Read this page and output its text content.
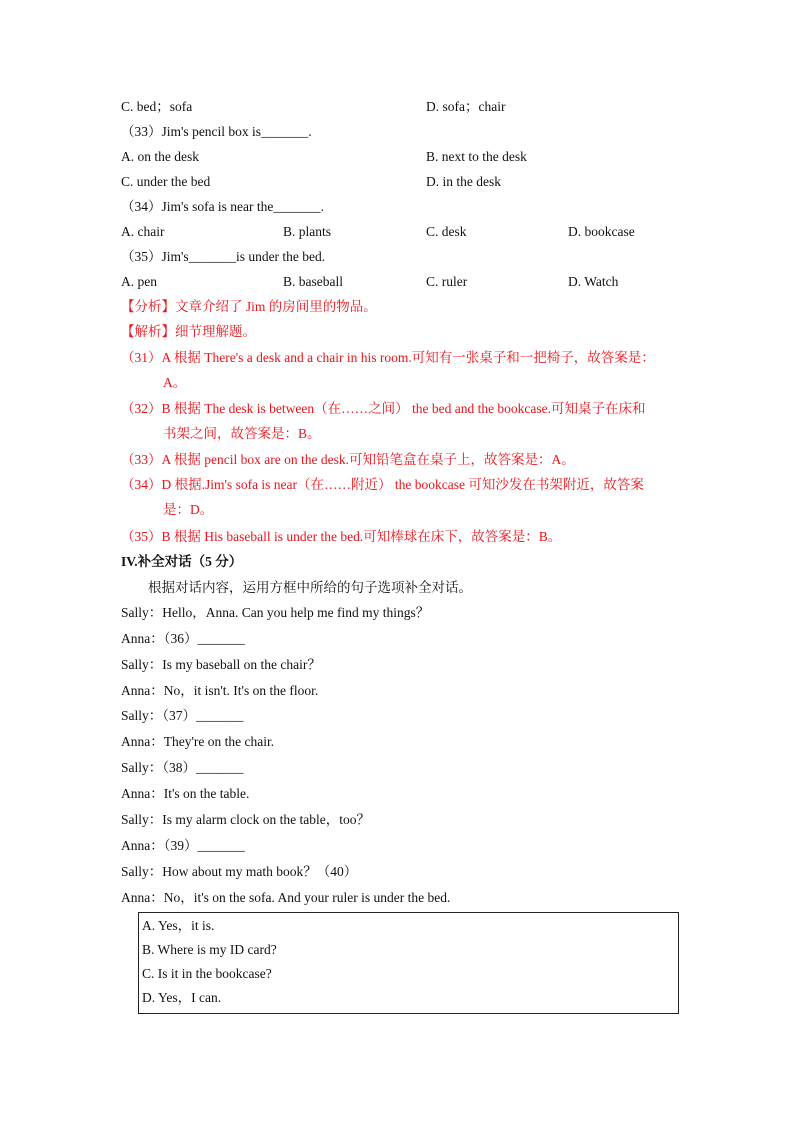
C. bed；sofa	D. sofa；chair
（33）Jim's pencil box is_______.
A. on the desk	B. next to the desk
C. under the bed	D. in the desk
（34）Jim's sofa is near the_______.
A. chair	B. plants	C. desk	D. bookcase
（35）Jim's_______is under the bed.
A. pen	B. baseball	C. ruler	D. Watch
【分析】文章介绍了 Jim 的房间里的物品。
【解析】细节理解题。
（31）A 根据 There's a desk and a chair in his room.可知有一张桌子和一把椅子，故答案是：
A。
（32）B 根据 The desk is between（在……之间） the bed and the bookcase.可知桌子在床和
书架之间，故答案是：B。
（33）A 根据 pencil box are on the desk.可知铅笔盒在桌子上，故答案是：A。
（34）D 根据.Jim's sofa is near（在……附近） the bookcase 可知沙发在书架附近，故答案
是：D。
（35）B 根据 His baseball is under the bed.可知棒球在床下，故答案是：B。
IV.补全对话（5 分）
根据对话内容，运用方框中所给的句子选项补全对话。
Sally：Hello，Anna. Can you help me find my things？
Anna：（36）_______
Sally：Is my baseball on the chair？
Anna：No，it isn't. It's on the floor.
Sally：（37）_______
Anna：They're on the chair.
Sally：（38）_______
Anna：It's on the table.
Sally：Is my alarm clock on the table，too？
Anna：（39）_______
Sally：How about my math book？（40）
Anna：No，it's on the sofa. And your ruler is under the bed.
A. Yes，it is.
B. Where is my ID card?
C. Is it in the bookcase?
D. Yes，I can.
